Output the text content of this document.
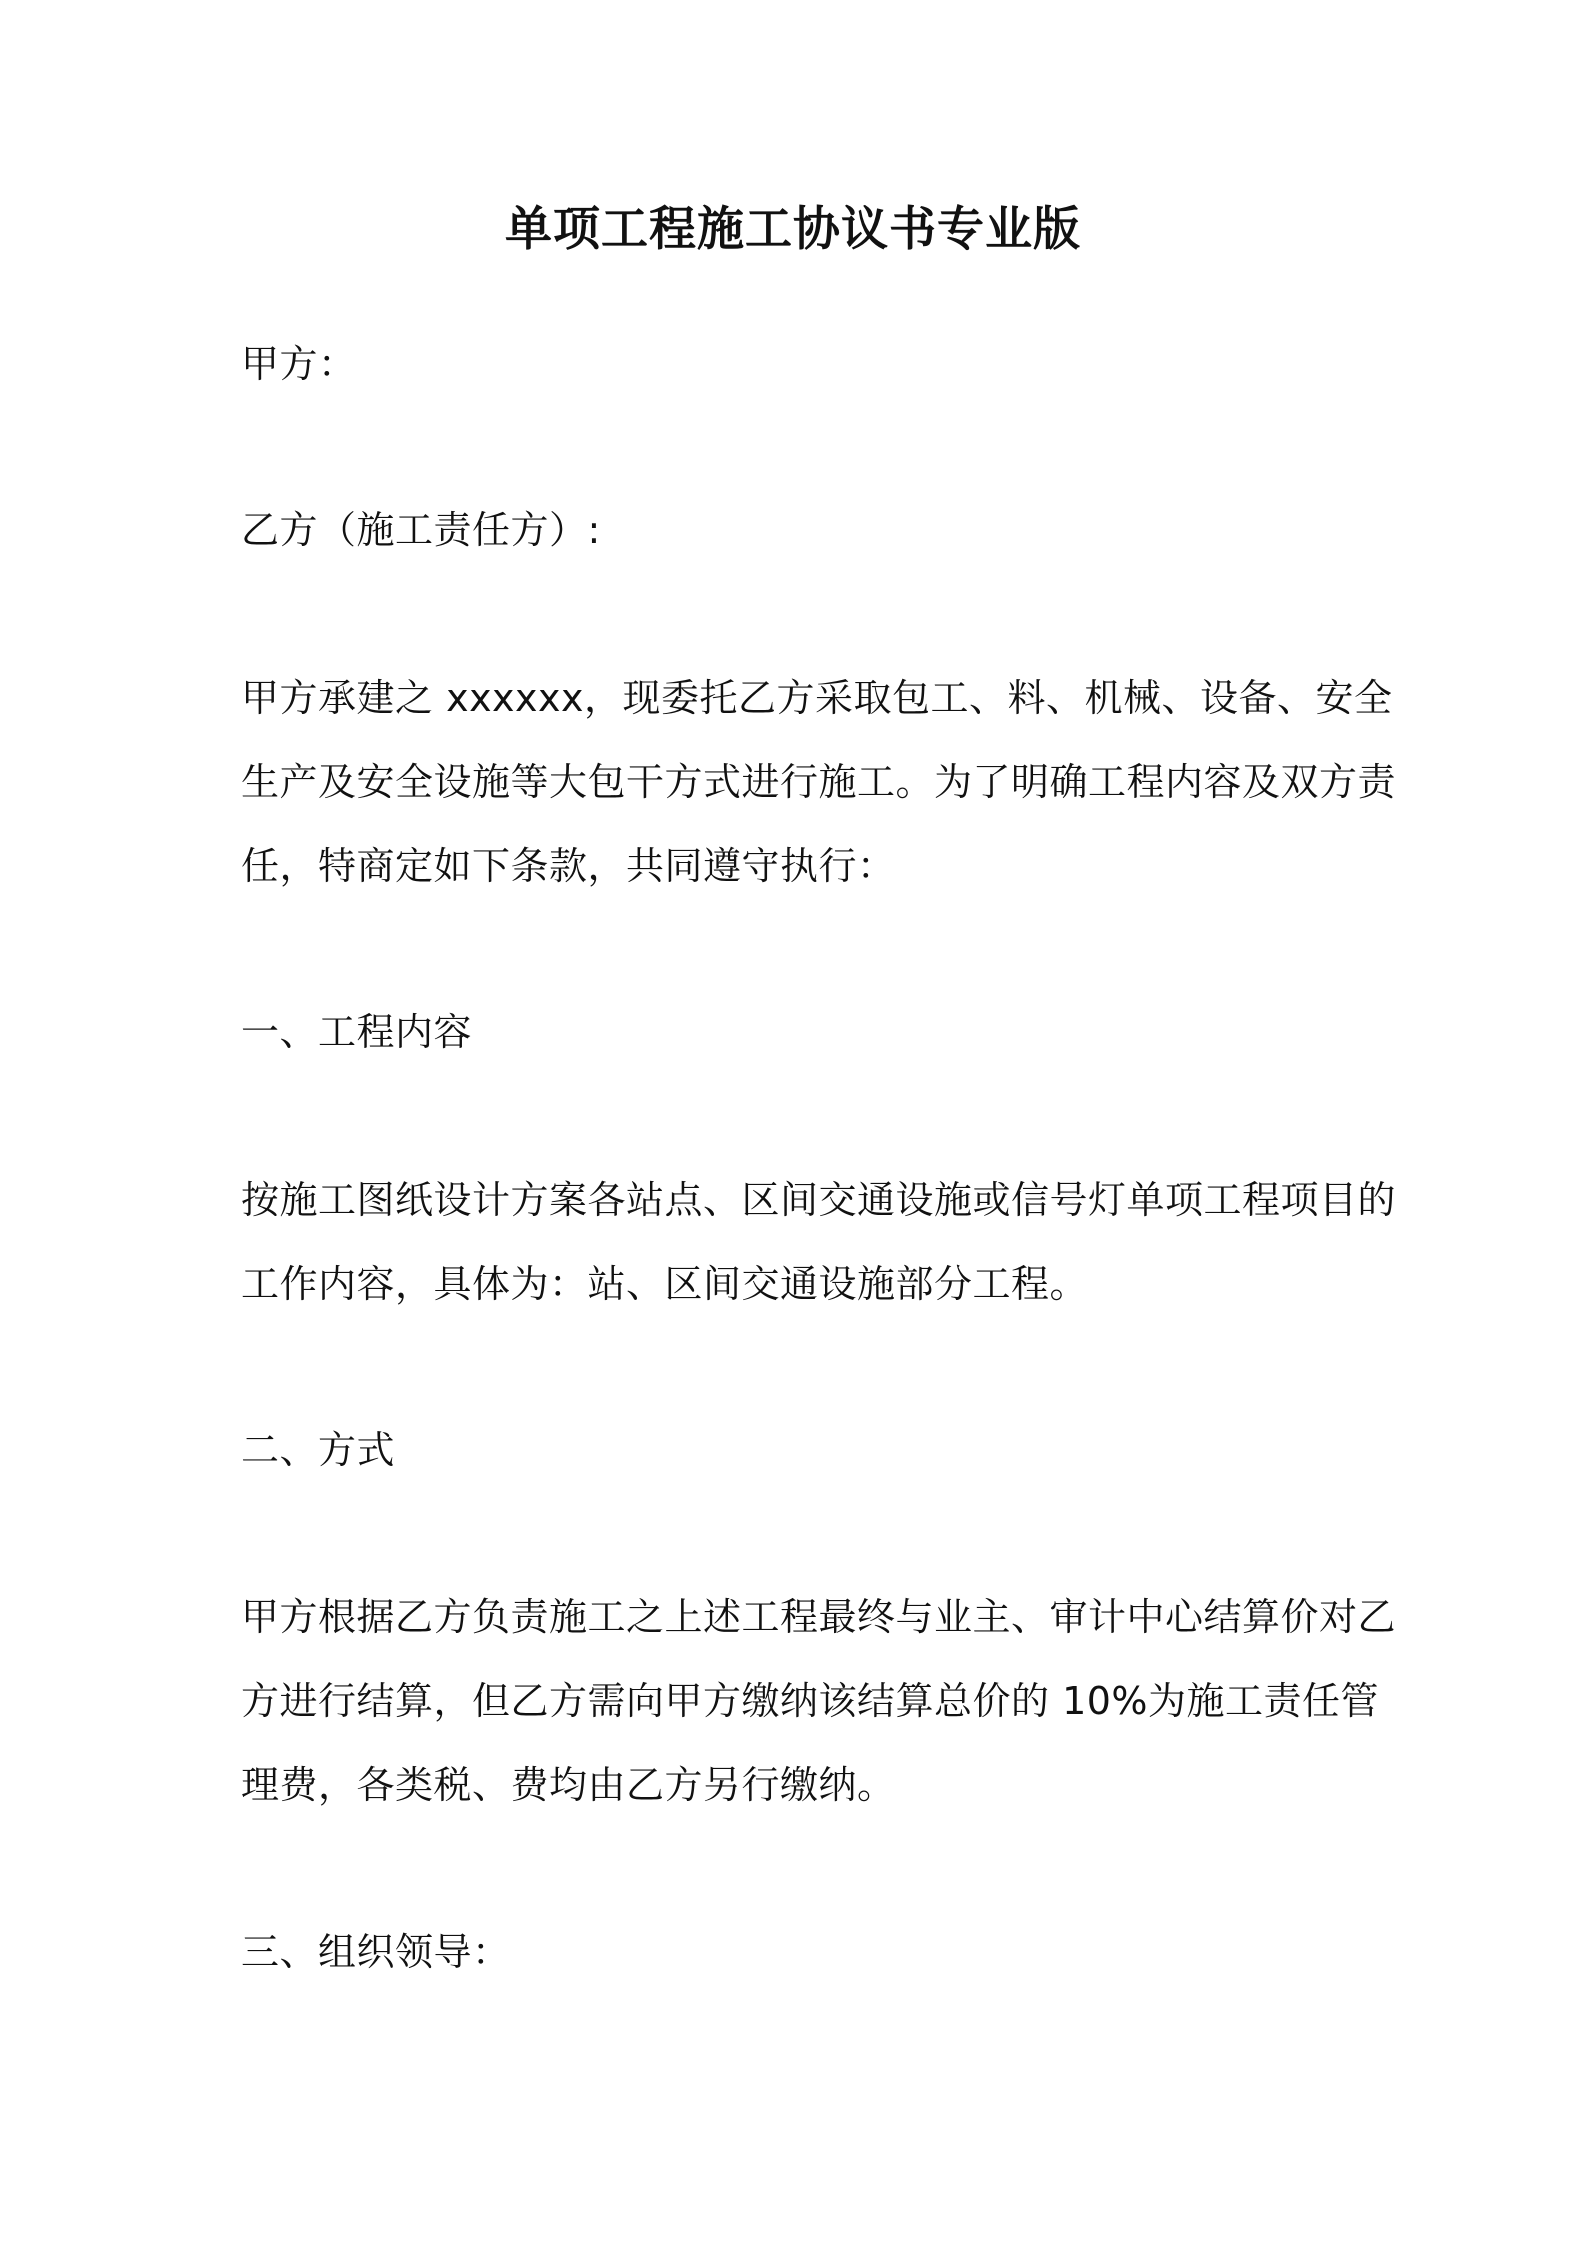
单项工程施工协议书专业版
甲方：
乙方（施工责任方）:
甲方承建之 xxxxxx，现委托乙方采取包工、料、机械、设备、安全
生产及安全设施等大包干方式进行施工。为了明确工程内容及双方责
任，特商定如下条款，共同遵守执行：
一、工程内容
按施工图纸设计方案各站点、区间交通设施或信号灯单项工程项目的
工作内容，具体为：站、区间交通设施部分工程。
二、方式
甲方根据乙方负责施工之上述工程最终与业主、审计中心结算价对乙
方进行结算，但乙方需向甲方缴纳该结算总价的 10%为施工责任管
理费，各类税、费均由乙方另行缴纳。
三、组织领导：
